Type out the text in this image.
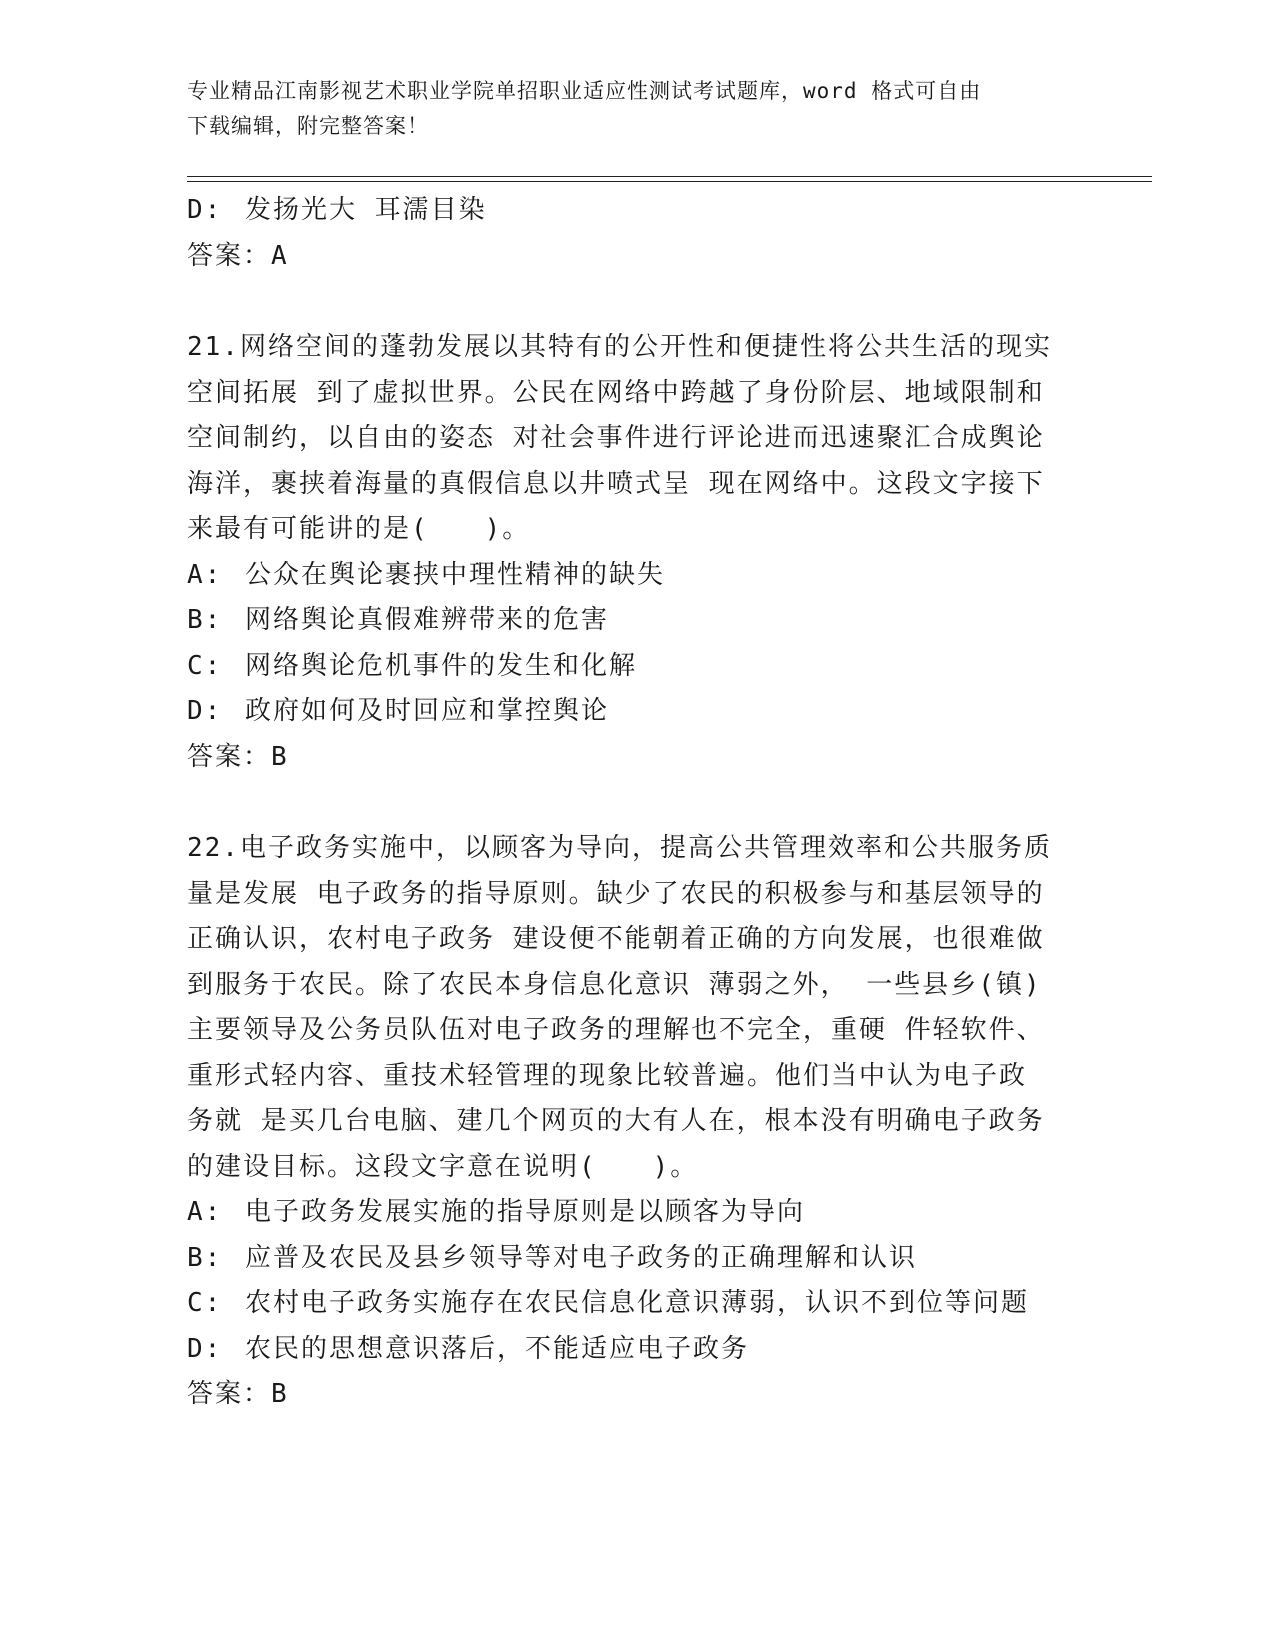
专业精品江南影视艺术职业学院单招职业适应性测试考试题库，word 格式可自由
下载编辑，附完整答案！
D: 发扬光大 耳濡目染
答案：A
21.网络空间的蓬勃发展以其特有的公开性和便捷性将公共生活的现实
空间拓展 到了虚拟世界。公民在网络中跨越了身份阶层、地域限制和
空间制约，以自由的姿态 对社会事件进行评论进而迅速聚汇合成舆论
海洋，裹挟着海量的真假信息以井喷式呈 现在网络中。这段文字接下
来最有可能讲的是(　　)。
A: 公众在舆论裹挟中理性精神的缺失
B: 网络舆论真假难辨带来的危害
C: 网络舆论危机事件的发生和化解
D: 政府如何及时回应和掌控舆论
答案：B
22.电子政务实施中，以顾客为导向，提高公共管理效率和公共服务质
量是发展 电子政务的指导原则。缺少了农民的积极参与和基层领导的
正确认识，农村电子政务 建设便不能朝着正确的方向发展，也很难做
到服务于农民。除了农民本身信息化意识 薄弱之外， 一些县乡(镇)
主要领导及公务员队伍对电子政务的理解也不完全，重硬 件轻软件、
重形式轻内容、重技术轻管理的现象比较普遍。他们当中认为电子政
务就 是买几台电脑、建几个网页的大有人在，根本没有明确电子政务
的建设目标。这段文字意在说明(　　)。
A: 电子政务发展实施的指导原则是以顾客为导向
B: 应普及农民及县乡领导等对电子政务的正确理解和认识
C: 农村电子政务实施存在农民信息化意识薄弱，认识不到位等问题
D: 农民的思想意识落后，不能适应电子政务
答案：B
